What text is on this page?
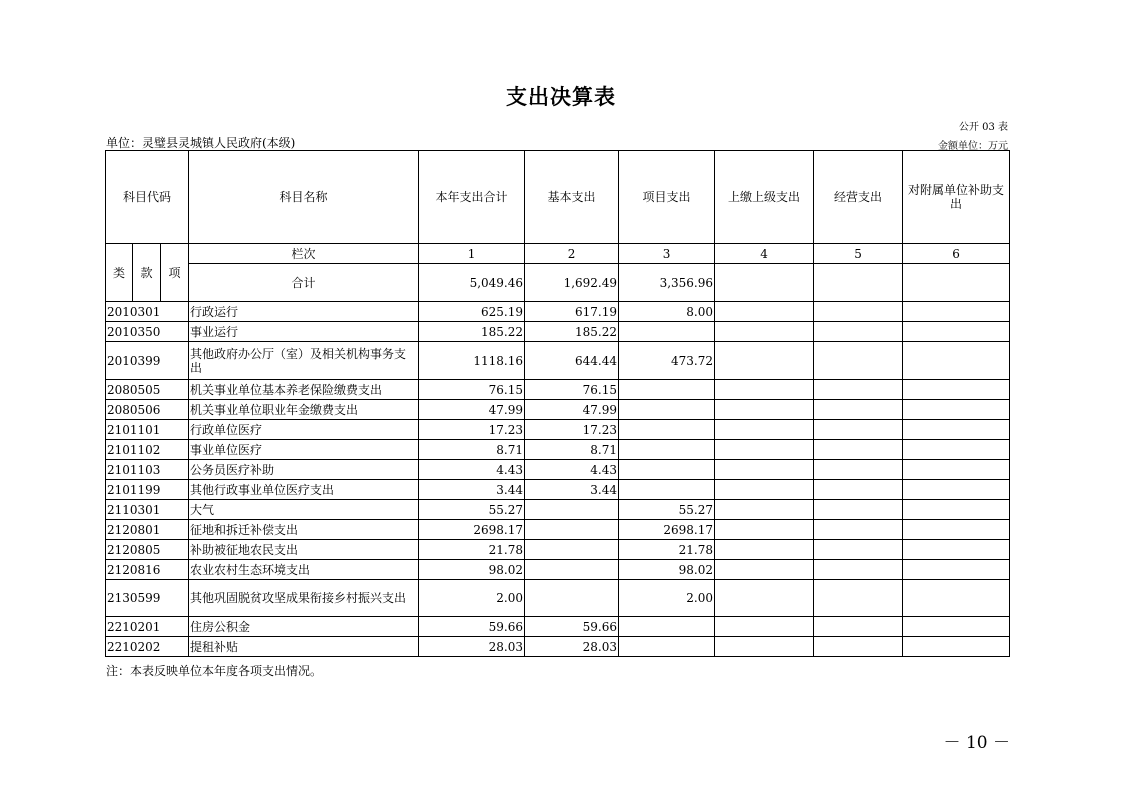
支出决算表
公开 03 表
单位：灵璧县灵城镇人民政府(本级)	金额单位：万元
科目代码			科目名称	本年支出合计	基本支出	项目支出	上缴上级支出	经营支出	对附属单位补助支出
类	款	项	栏次	1	2	3	4	5	6
			合计	5,049.46	1,692.49	3,356.96			
2010301			行政运行	625.19	617.19	8.00			
2010350			事业运行	185.22	185.22				
2010399			其他政府办公厅（室）及相关机构事务支出	1118.16	644.44	473.72			
2080505			机关事业单位基本养老保险缴费支出	76.15	76.15				
2080506			机关事业单位职业年金缴费支出	47.99	47.99				
2101101			行政单位医疗	17.23	17.23				
2101102			事业单位医疗	8.71	8.71				
2101103			公务员医疗补助	4.43	4.43				
2101199			其他行政事业单位医疗支出	3.44	3.44				
2110301			大气	55.27		55.27			
2120801			征地和拆迁补偿支出	2698.17		2698.17			
2120805			补助被征地农民支出	21.78		21.78			
2120816			农业农村生态环境支出	98.02		98.02			
2130599			其他巩固脱贫攻坚成果衔接乡村振兴支出	2.00		2.00			
2210201			住房公积金	59.66	59.66				
2210202			提租补贴	28.03	28.03				
注：本表反映单位本年度各项支出情况。
－ 10 －
